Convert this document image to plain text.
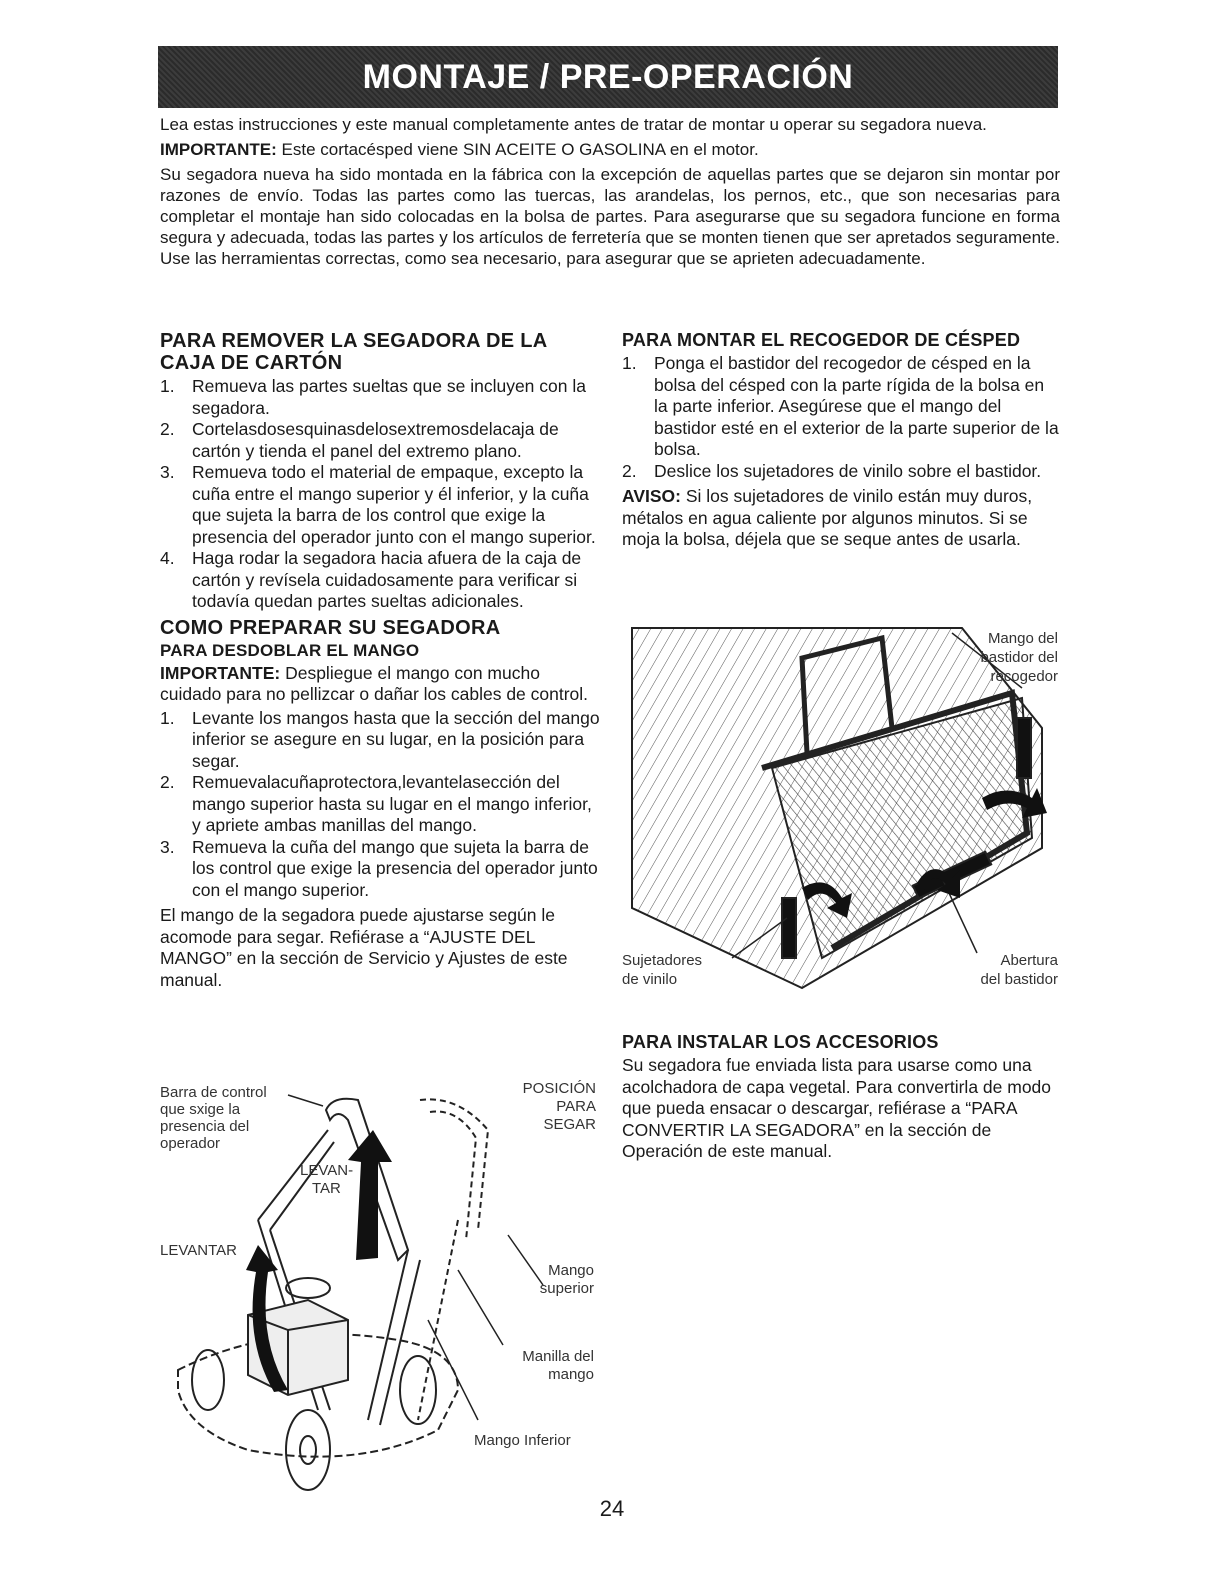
MONTAJE / PRE-OPERACIÓN

Lea estas instrucciones y este manual completamente antes de tratar de montar u operar su segadora nueva.

IMPORTANTE: Este cortacésped viene SIN ACEITE O GASOLINA en el motor.

Su segadora nueva ha sido montada en la fábrica con la excepción de aquellas partes que se dejaron sin montar por razones de envío. Todas las partes como las tuercas, las arandelas, los pernos, etc., que son necesarias para completar el montaje han sido colocadas en la bolsa de partes. Para asegurarse que su segadora funcione en forma segura y adecuada, todas las partes y los artículos de ferretería que se monten tienen que ser apretados seguramente. Use las herramientas correctas, como sea necesario, para asegurar que se aprieten adecuadamente.

PARA REMOVER LA SEGADORA DE LA CAJA DE CARTÓN
1. Remueva las partes sueltas que se incluyen con la segadora.
2. Cortelasdosesquinasdelosextremosdelacaja de cartón y tienda el panel del extremo plano.
3. Remueva todo el material de empaque, excepto la cuña entre el mango superior y él inferior, y la cuña que sujeta la barra de los control que exige la presencia del operador junto con el mango superior.
4. Haga rodar la segadora hacia afuera de la caja de cartón y revísela cuidadosamente para verificar si todavía quedan partes sueltas adicionales.
COMO PREPARAR SU SEGADORA
PARA DESDOBLAR EL MANGO

IMPORTANTE: Despliegue el mango con mucho cuidado para no pellizcar o dañar los cables de control.

1. Levante los mangos hasta que la sección del mango inferior se asegure en su lugar, en la posición para segar.
2. Remuevalacuñaprotectora,levantelasección del mango superior hasta su lugar en el mango inferior, y apriete ambas manillas del mango.
3. Remueva la cuña del mango que sujeta la barra de los control que exige la presencia del operador junto con el mango superior.

El mango de la segadora puede ajustarse según le acomode para segar. Refiérase a “AJUSTE DEL MANGO” en la sección de Servicio y Ajustes de este manual.

Barra de control
que sxige la
presencia del
operador
POSICIÓN
PARA
SEGAR
LEVAN-
TAR
LEVANTAR
Mango
superior
Manilla del
mango
Mango Inferior
PARA MONTAR EL RECOGEDOR DE CÉSPED
1. Ponga el bastidor del recogedor de césped en la bolsa del césped con la parte rígida de la bolsa en la parte inferior. Asegúrese que el mango del bastidor esté en el exterior de la parte superior de la bolsa.
2. Deslice los sujetadores de vinilo sobre el bastidor.

AVISO: Si los sujetadores de vinilo están muy duros, métalos en agua caliente por algunos minutos. Si se moja la bolsa, déjela que se seque antes de usarla.

Mango del
bastidor del
recogedor
Sujetadores
de vinilo
Abertura
del bastidor
PARA INSTALAR LOS ACCESORIOS

Su segadora fue enviada lista para usarse como una acolchadora de capa vegetal. Para convertirla de modo que pueda ensacar o descargar, refiérase a “PARA CONVERTIR LA SEGADORA” en la sección de Operación de este manual.

24
